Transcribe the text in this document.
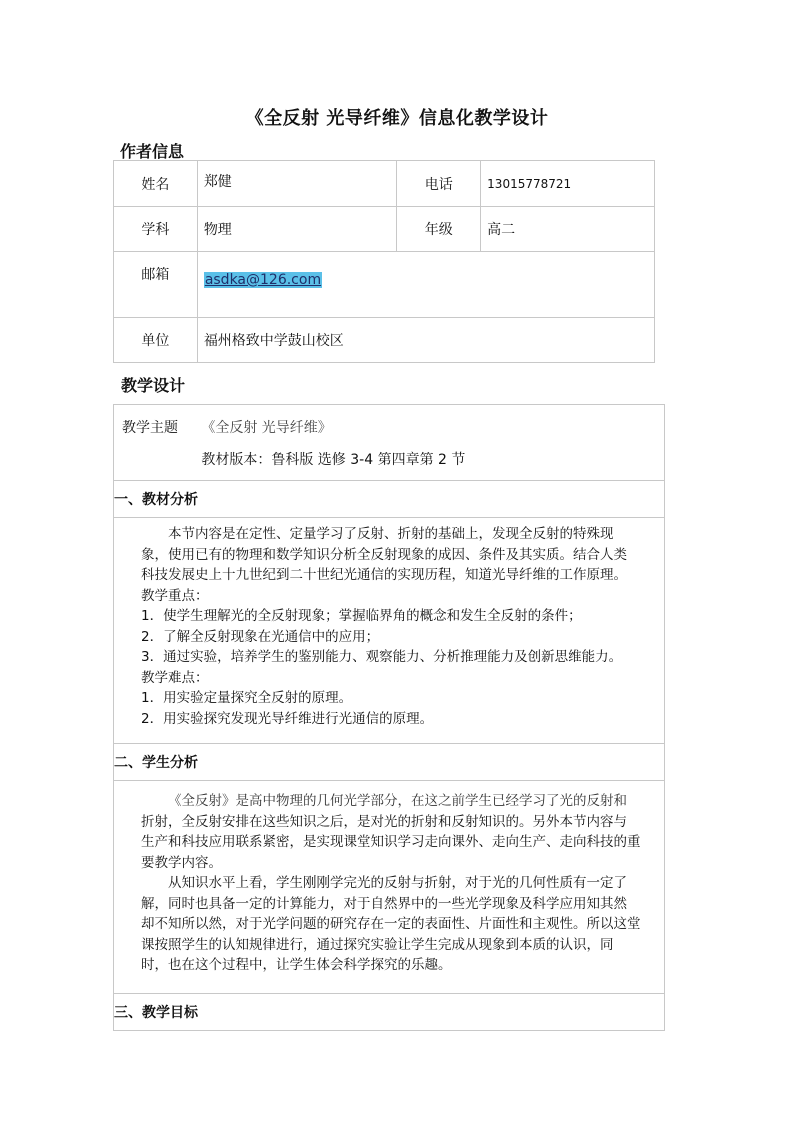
《全反射 光导纤维》信息化教学设计
作者信息
姓名	郑健	电话	13015778721
学科	物理	年级	高二
邮箱	asdka@126.com		
单位	福州格致中学鼓山校区		
教学设计
教学主题	《全反射 光导纤维》
教材版本：鲁科版 选修 3-4 第四章第 2 节

一、教材分析

本节内容是在定性、定量学习了反射、折射的基础上，发现全反射的特殊现
象，使用已有的物理和数学知识分析全反射现象的成因、条件及其实质。结合人类
科技发展史上十九世纪到二十世纪光通信的实现历程，知道光导纤维的工作原理。
教学重点：
1．使学生理解光的全反射现象；掌握临界角的概念和发生全反射的条件；
2．了解全反射现象在光通信中的应用；
3．通过实验，培养学生的鉴别能力、观察能力、分析推理能力及创新思维能力。
教学难点：
1．用实验定量探究全反射的原理。
2．用实验探究发现光导纤维进行光通信的原理。

二、学生分析

《全反射》是高中物理的几何光学部分，在这之前学生已经学习了光的反射和
折射，全反射安排在这些知识之后，是对光的折射和反射知识的。另外本节内容与
生产和科技应用联系紧密，是实现课堂知识学习走向课外、走向生产、走向科技的重
要教学内容。
从知识水平上看，学生刚刚学完光的反射与折射，对于光的几何性质有一定了
解，同时也具备一定的计算能力，对于自然界中的一些光学现象及科学应用知其然
却不知所以然，对于光学问题的研究存在一定的表面性、片面性和主观性。所以这堂
课按照学生的认知规律进行，通过探究实验让学生完成从现象到本质的认识，同
时，也在这个过程中，让学生体会科学探究的乐趣。

三、教学目标
